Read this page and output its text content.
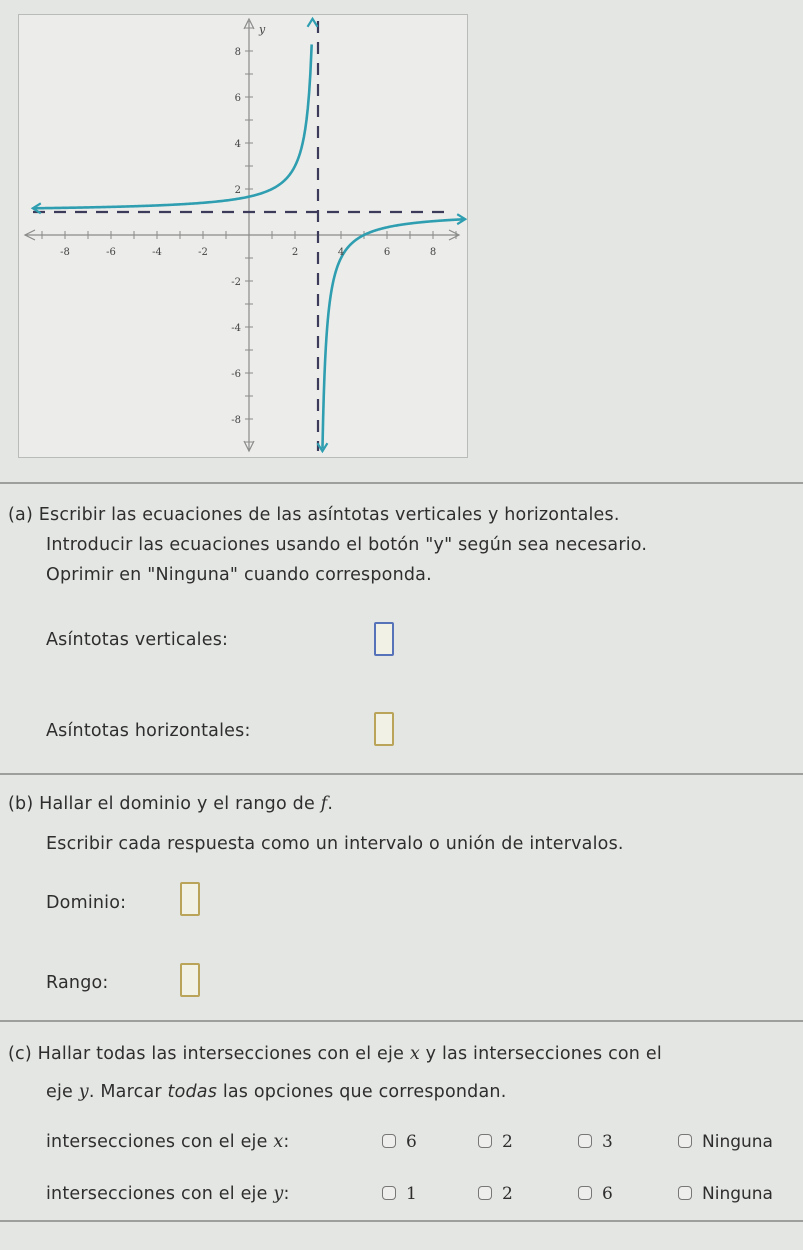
-8	-6	-4	-2	2	4	6	8
8
6
4
2
-2
-4
-6
-8
y
(a) Escribir las ecuaciones de las asíntotas verticales y horizontales.
Introducir las ecuaciones usando el botón "y" según sea necesario.
Oprimir en "Ninguna" cuando corresponda.
Asíntotas verticales:
Asíntotas horizontales:
(b) Hallar el dominio y el rango de f.
Escribir cada respuesta como un intervalo o unión de intervalos.
Dominio:
Rango:
(c) Hallar todas las intersecciones con el eje x y las intersecciones con el
eje y. Marcar todas las opciones que correspondan.
intersecciones con el eje x:	6	2	3	Ninguna
intersecciones con el eje y:	1	2	6	Ninguna
